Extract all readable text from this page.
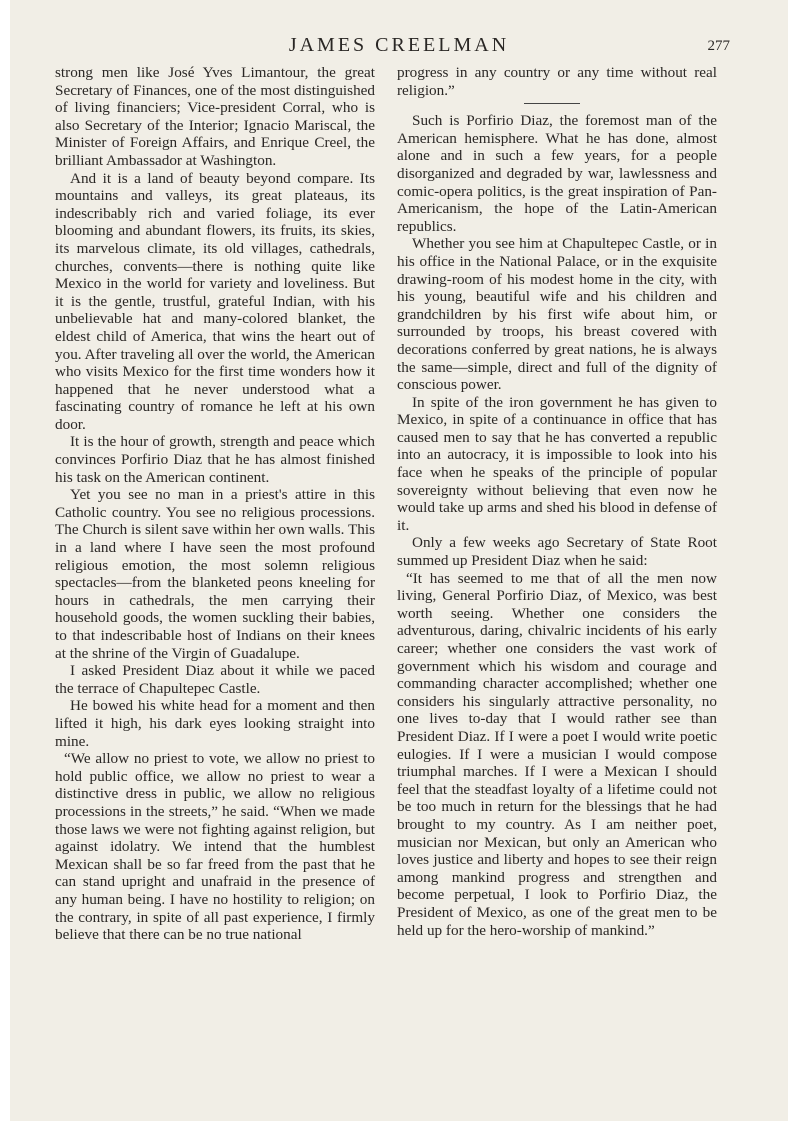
JAMES CREELMAN	277

strong men like José Yves Limantour, the great Secretary of Finances, one of the most distinguished of living financiers; Vice-president Corral, who is also Secretary of the Interior; Ignacio Mariscal, the Minister of Foreign Affairs, and Enrique Creel, the brilliant Ambassador at Washington.

And it is a land of beauty beyond compare. Its mountains and valleys, its great plateaus, its indescribably rich and varied foliage, its ever blooming and abundant flowers, its fruits, its skies, its marvelous climate, its old villages, cathedrals, churches, convents—there is nothing quite like Mexico in the world for variety and loveliness. But it is the gentle, trustful, grateful Indian, with his unbelievable hat and many-colored blanket, the eldest child of America, that wins the heart out of you. After traveling all over the world, the American who visits Mexico for the first time wonders how it happened that he never understood what a fascinating country of romance he left at his own door.

It is the hour of growth, strength and peace which convinces Porfirio Diaz that he has almost finished his task on the American continent.

Yet you see no man in a priest's attire in this Catholic country. You see no religious processions. The Church is silent save within her own walls. This in a land where I have seen the most profound religious emotion, the most solemn religious spectacles—from the blanketed peons kneeling for hours in cathedrals, the men carrying their household goods, the women suckling their babies, to that indescribable host of Indians on their knees at the shrine of the Virgin of Guadalupe.

I asked President Diaz about it while we paced the terrace of Chapultepec Castle.

He bowed his white head for a moment and then lifted it high, his dark eyes looking straight into mine.

“We allow no priest to vote, we allow no priest to hold public office, we allow no priest to wear a distinctive dress in public, we allow no religious processions in the streets,” he said. “When we made those laws we were not fighting against religion, but against idolatry. We intend that the humblest Mexican shall be so far freed from the past that he can stand upright and unafraid in the presence of any human being. I have no hostility to religion; on the contrary, in spite of all past experience, I firmly believe that there can be no true national

progress in any country or any time without real religion.”

Such is Porfirio Diaz, the foremost man of the American hemisphere. What he has done, almost alone and in such a few years, for a people disorganized and degraded by war, lawlessness and comic-opera politics, is the great inspiration of Pan-Americanism, the hope of the Latin-American republics.

Whether you see him at Chapultepec Castle, or in his office in the National Palace, or in the exquisite drawing-room of his modest home in the city, with his young, beautiful wife and his children and grandchildren by his first wife about him, or surrounded by troops, his breast covered with decorations conferred by great nations, he is always the same—simple, direct and full of the dignity of conscious power.

In spite of the iron government he has given to Mexico, in spite of a continuance in office that has caused men to say that he has converted a republic into an autocracy, it is impossible to look into his face when he speaks of the principle of popular sovereignty without believing that even now he would take up arms and shed his blood in defense of it.

Only a few weeks ago Secretary of State Root summed up President Diaz when he said:

“It has seemed to me that of all the men now living, General Porfirio Diaz, of Mexico, was best worth seeing. Whether one considers the adventurous, daring, chivalric incidents of his early career; whether one considers the vast work of government which his wisdom and courage and commanding character accomplished; whether one considers his singularly attractive personality, no one lives to-day that I would rather see than President Diaz. If I were a poet I would write poetic eulogies. If I were a musician I would compose triumphal marches. If I were a Mexican I should feel that the steadfast loyalty of a lifetime could not be too much in return for the blessings that he had brought to my country. As I am neither poet, musician nor Mexican, but only an American who loves justice and liberty and hopes to see their reign among mankind progress and strengthen and become perpetual, I look to Porfirio Diaz, the President of Mexico, as one of the great men to be held up for the hero-worship of mankind.”
